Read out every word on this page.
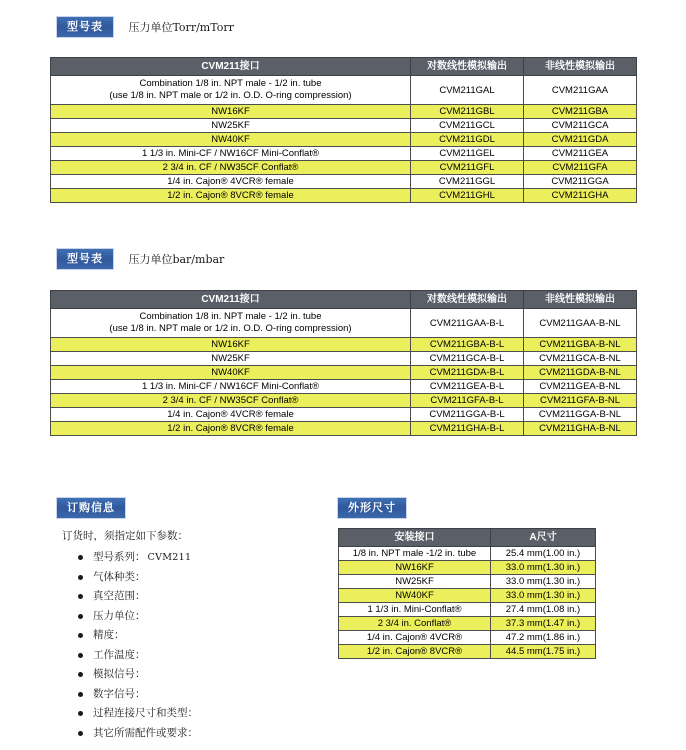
型号表 压力单位Torr/mTorr
CVM211接口	对数线性模拟输出	非线性模拟输出

Combination 1/8 in. NPT male - 1/2 in. tube
(use 1/8 in. NPT male or 1/2 in. O.D. O-ring compression)	CVM211GAL	CVM211GAA
NW16KF	CVM211GBL	CVM211GBA
NW25KF	CVM211GCL	CVM211GCA
NW40KF	CVM211GDL	CVM211GDA
1 1/3 in. Mini-CF / NW16CF Mini-Conflat®	CVM211GEL	CVM211GEA
2 3/4 in. CF / NW35CF Conflat®	CVM211GFL	CVM211GFA
1/4 in. Cajon® 4VCR® female	CVM211GGL	CVM211GGA
1/2 in. Cajon® 8VCR® female	CVM211GHL	CVM211GHA
型号表 压力单位bar/mbar
CVM211接口	对数线性模拟输出	非线性模拟输出

Combination 1/8 in. NPT male - 1/2 in. tube
(use 1/8 in. NPT male or 1/2 in. O.D. O-ring compression)	CVM211GAA-B-L	CVM211GAA-B-NL
NW16KF	CVM211GBA-B-L	CVM211GBA-B-NL
NW25KF	CVM211GCA-B-L	CVM211GCA-B-NL
NW40KF	CVM211GDA-B-L	CVM211GDA-B-NL
1 1/3 in. Mini-CF / NW16CF Mini-Conflat®	CVM211GEA-B-L	CVM211GEA-B-NL
2 3/4 in. CF / NW35CF Conflat®	CVM211GFA-B-L	CVM211GFA-B-NL
1/4 in. Cajon® 4VCR® female	CVM211GGA-B-L	CVM211GGA-B-NL
1/2 in. Cajon® 8VCR® female	CVM211GHA-B-L	CVM211GHA-B-NL
订购信息
订货时，须指定如下参数：
型号系列： CVM211
气体种类：
真空范围：
压力单位：
精度：
工作温度：
模拟信号：
数字信号：
过程连接尺寸和类型：
其它所需配件或要求：
外形尺寸
安装接口	A尺寸
1/8 in. NPT male -1/2 in. tube	25.4 mm(1.00 in.)
NW16KF	33.0 mm(1.30 in.)
NW25KF	33.0 mm(1.30 in.)
NW40KF	33.0 mm(1.30 in.)
1 1/3 in. Mini-Conflat®	27.4 mm(1.08 in.)
2 3/4 in. Conflat®	37.3 mm(1.47 in.)
1/4 in. Cajon® 4VCR®	47.2 mm(1.86 in.)
1/2 in. Cajon® 8VCR®	44.5 mm(1.75 in.)
